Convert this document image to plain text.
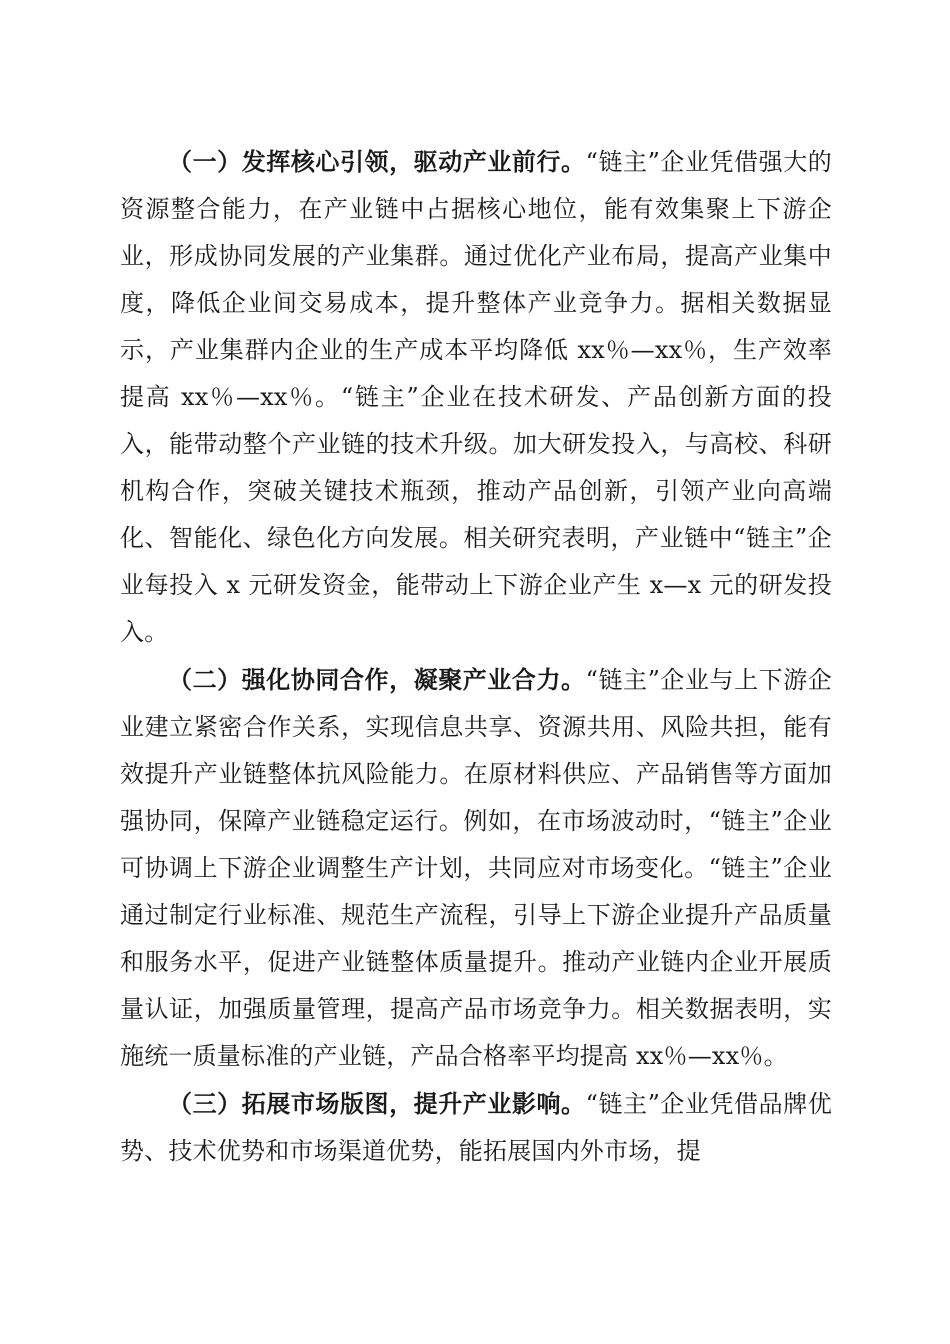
（一）发挥核心引领，驱动产业前行。“链主”企业凭借强大的资源整合能力，在产业链中占据核心地位，能有效集聚上下游企业，形成协同发展的产业集群。通过优化产业布局，提高产业集中度，降低企业间交易成本，提升整体产业竞争力。据相关数据显示，产业集群内企业的生产成本平均降低 xx％—xx％，生产效率提高 xx％—xx％。“链主”企业在技术研发、产品创新方面的投入，能带动整个产业链的技术升级。加大研发投入，与高校、科研机构合作，突破关键技术瓶颈，推动产品创新，引领产业向高端化、智能化、绿色化方向发展。相关研究表明，产业链中“链主”企业每投入 x 元研发资金，能带动上下游企业产生 x—x 元的研发投入。

（二）强化协同合作，凝聚产业合力。“链主”企业与上下游企业建立紧密合作关系，实现信息共享、资源共用、风险共担，能有效提升产业链整体抗风险能力。在原材料供应、产品销售等方面加强协同，保障产业链稳定运行。例如，在市场波动时，“链主”企业可协调上下游企业调整生产计划，共同应对市场变化。“链主”企业通过制定行业标准、规范生产流程，引导上下游企业提升产品质量和服务水平，促进产业链整体质量提升。推动产业链内企业开展质量认证，加强质量管理，提高产品市场竞争力。相关数据表明，实施统一质量标准的产业链，产品合格率平均提高 xx％—xx％。

（三）拓展市场版图，提升产业影响。“链主”企业凭借品牌优势、技术优势和市场渠道优势，能拓展国内外市场，提
